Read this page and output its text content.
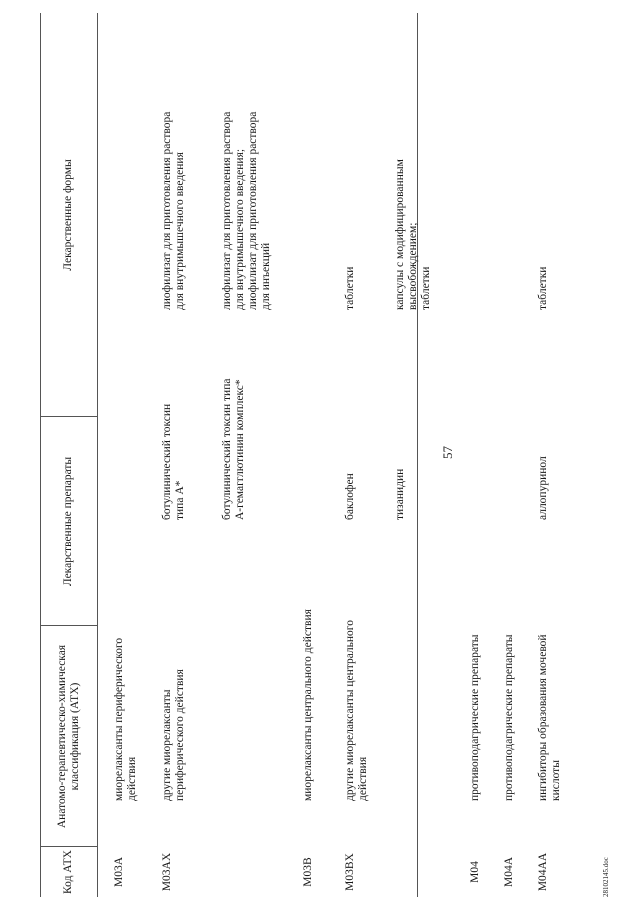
57
Код АТХ
Анатомо-терапевтическо-химическая классификация (АТХ)
Лекарственные препараты
Лекарственные формы
M03A
миорелаксанты периферического действия
M03AX
другие миорелаксанты периферического действия
ботулинический токсин типа А*
лиофилизат для приготовления раствора для внутримышечного введения
ботулинический токсин типа А-гемагглютинин комплекс*
лиофилизат для приготовления раствора для внутримышечного введения; лиофилизат для приготовления раствора для инъекций
M03B
миорелаксанты центрального действия
M03BX
другие миорелаксанты центрального действия
баклофен
таблетки
тизанидин
капсулы с модифицированным высвобождением; таблетки
M04
противоподагрические препараты
M04A
противоподагрические препараты
M04AA
ингибиторы образования мочевой кислоты
аллопуринол
таблетки
28102145.doc
